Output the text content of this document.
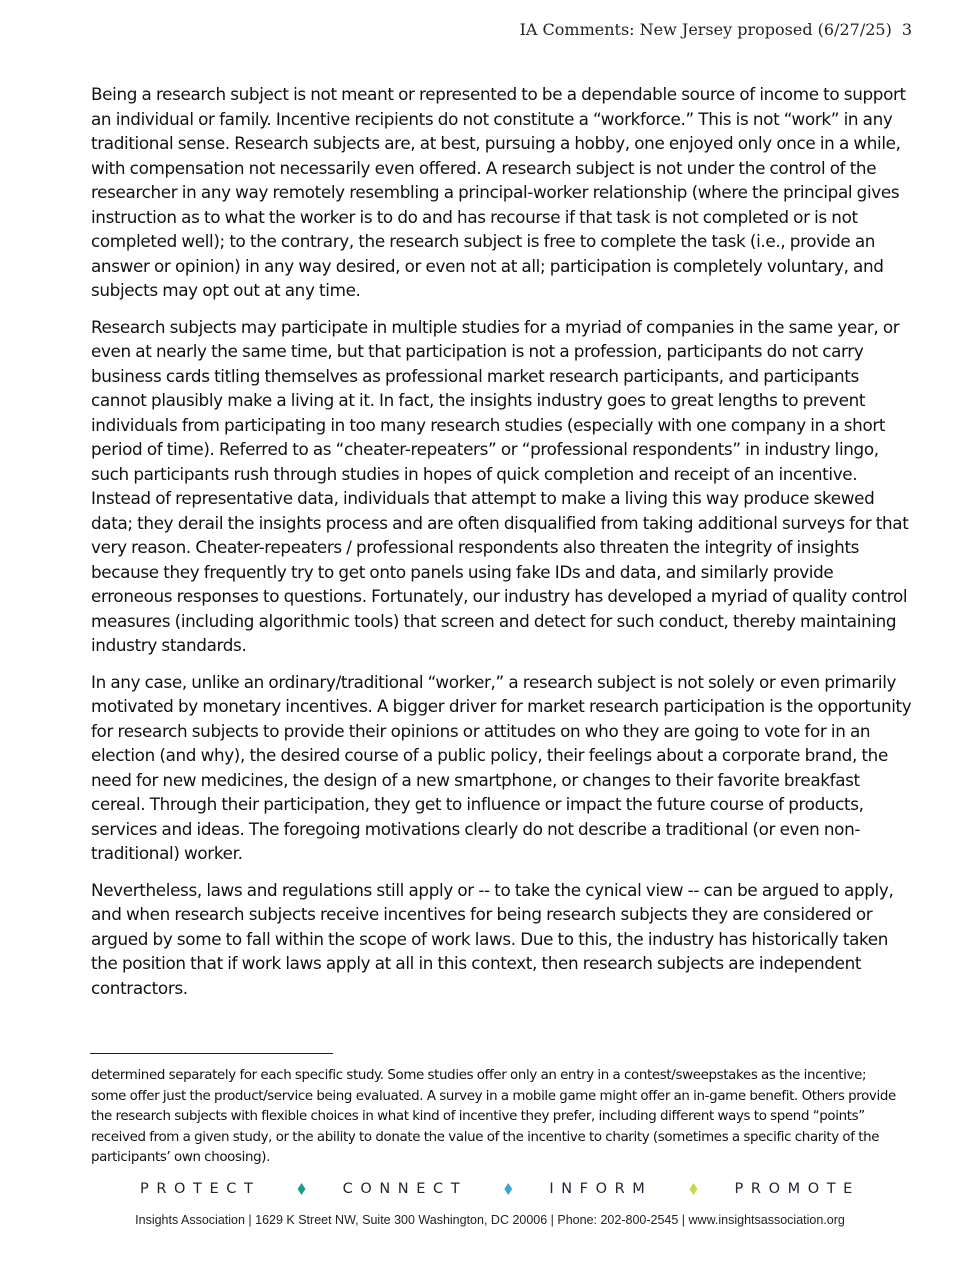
IA Comments: New Jersey proposed (6/27/25) 3

Being a research subject is not meant or represented to be a dependable source of income to support an individual or family. Incentive recipients do not constitute a “workforce.” This is not “work” in any traditional sense. Research subjects are, at best, pursuing a hobby, one enjoyed only once in a while, with compensation not necessarily even offered. A research subject is not under the control of the researcher in any way remotely resembling a principal-worker relationship (where the principal gives instruction as to what the worker is to do and has recourse if that task is not completed or is not completed well); to the contrary, the research subject is free to complete the task (i.e., provide an answer or opinion) in any way desired, or even not at all; participation is completely voluntary, and subjects may opt out at any time.

Research subjects may participate in multiple studies for a myriad of companies in the same year, or even at nearly the same time, but that participation is not a profession, participants do not carry business cards titling themselves as professional market research participants, and participants cannot plausibly make a living at it. In fact, the insights industry goes to great lengths to prevent individuals from participating in too many research studies (especially with one company in a short period of time). Referred to as “cheater-repeaters” or “professional respondents” in industry lingo, such participants rush through studies in hopes of quick completion and receipt of an incentive. Instead of representative data, individuals that attempt to make a living this way produce skewed data; they derail the insights process and are often disqualified from taking additional surveys for that very reason. Cheater-repeaters / professional respondents also threaten the integrity of insights because they frequently try to get onto panels using fake IDs and data, and similarly provide erroneous responses to questions. Fortunately, our industry has developed a myriad of quality control measures (including algorithmic tools) that screen and detect for such conduct, thereby maintaining industry standards.

In any case, unlike an ordinary/traditional “worker,” a research subject is not solely or even primarily motivated by monetary incentives. A bigger driver for market research participation is the opportunity for research subjects to provide their opinions or attitudes on who they are going to vote for in an election (and why), the desired course of a public policy, their feelings about a corporate brand, the need for new medicines, the design of a new smartphone, or changes to their favorite breakfast cereal. Through their participation, they get to influence or impact the future course of products, services and ideas. The foregoing motivations clearly do not describe a traditional (or even non-traditional) worker.

Nevertheless, laws and regulations still apply or -- to take the cynical view -- can be argued to apply, and when research subjects receive incentives for being research subjects they are considered or argued by some to fall within the scope of work laws. Due to this, the industry has historically taken the position that if work laws apply at all in this context, then research subjects are independent contractors.

determined separately for each specific study. Some studies offer only an entry in a contest/sweepstakes as the incentive; some offer just the product/service being evaluated. A survey in a mobile game might offer an in-game benefit. Others provide the research subjects with flexible choices in what kind of incentive they prefer, including different ways to spend “points” received from a given study, or the ability to donate the value of the incentive to charity (sometimes a specific charity of the participants’ own choosing).
PROTECT	CONNECT	INFORM	PROMOTE
Insights Association | 1629 K Street NW, Suite 300 Washington, DC 20006 | Phone: 202-800-2545 | www.insightsassociation.org
